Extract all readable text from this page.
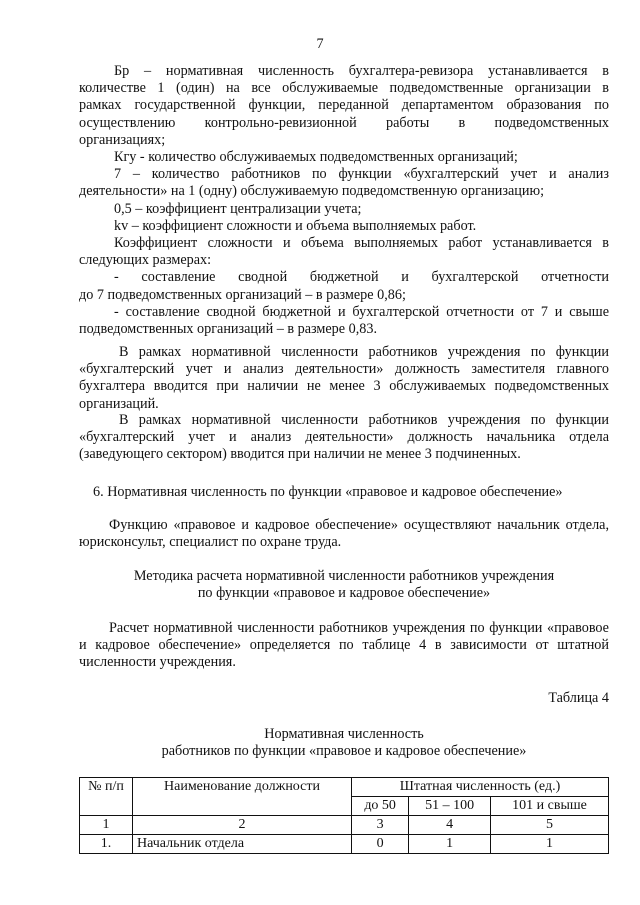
7

Бр – нормативная численность бухгалтера-ревизора устанавливается в

количестве 1 (один) на все обслуживаемые подведомственные организации в

рамках государственной функции, переданной департаментом образования по

осуществлению контрольно-ревизионной работы в подведомственных

организациях;

Кгу - количество обслуживаемых подведомственных организаций;

7 – количество работников по функции «бухгалтерский учет и анализ

деятельности» на 1 (одну) обслуживаемую подведомственную организацию;

0,5 – коэффициент централизации учета;

kv – коэффициент сложности и объема выполняемых работ.

Коэффициент сложности и объема выполняемых работ устанавливается в

следующих размерах:

- составление сводной бюджетной и бухгалтерской отчетности

до 7 подведомственных организаций – в размере 0,86;

- составление сводной бюджетной и бухгалтерской отчетности от 7 и свыше

подведомственных организаций – в размере 0,83.

В рамках нормативной численности работников учреждения по функции «бухгалтерский учет и анализ деятельности» должность заместителя главного бухгалтера вводится при наличии не менее 3 обслуживаемых подведомственных организаций.
В рамках нормативной численности работников учреждения по функции «бухгалтерский учет и анализ деятельности» должность начальника отдела (заведующего сектором) вводится при наличии не менее 3 подчиненных.
6. Нормативная численность по функции «правовое и кадровое обеспечение»
Функцию «правовое и кадровое обеспечение» осуществляют начальник отдела, юрисконсульт, специалист по охране труда.

Методика расчета нормативной численности работников учреждения

по функции «правовое и кадровое обеспечение»

Расчет нормативной численности работников учреждения по функции «правовое и кадровое обеспечение» определяется по таблице 4 в зависимости от штатной численности учреждения.
Таблица 4

Нормативная численность

работников по функции «правовое и кадровое обеспечение»

№ п/п	Наименование должности	Штатная численность (ед.)		
		до 50	51 – 100	101 и свыше
1	2	3	4	5
1.	Начальник отдела	0	1	1
